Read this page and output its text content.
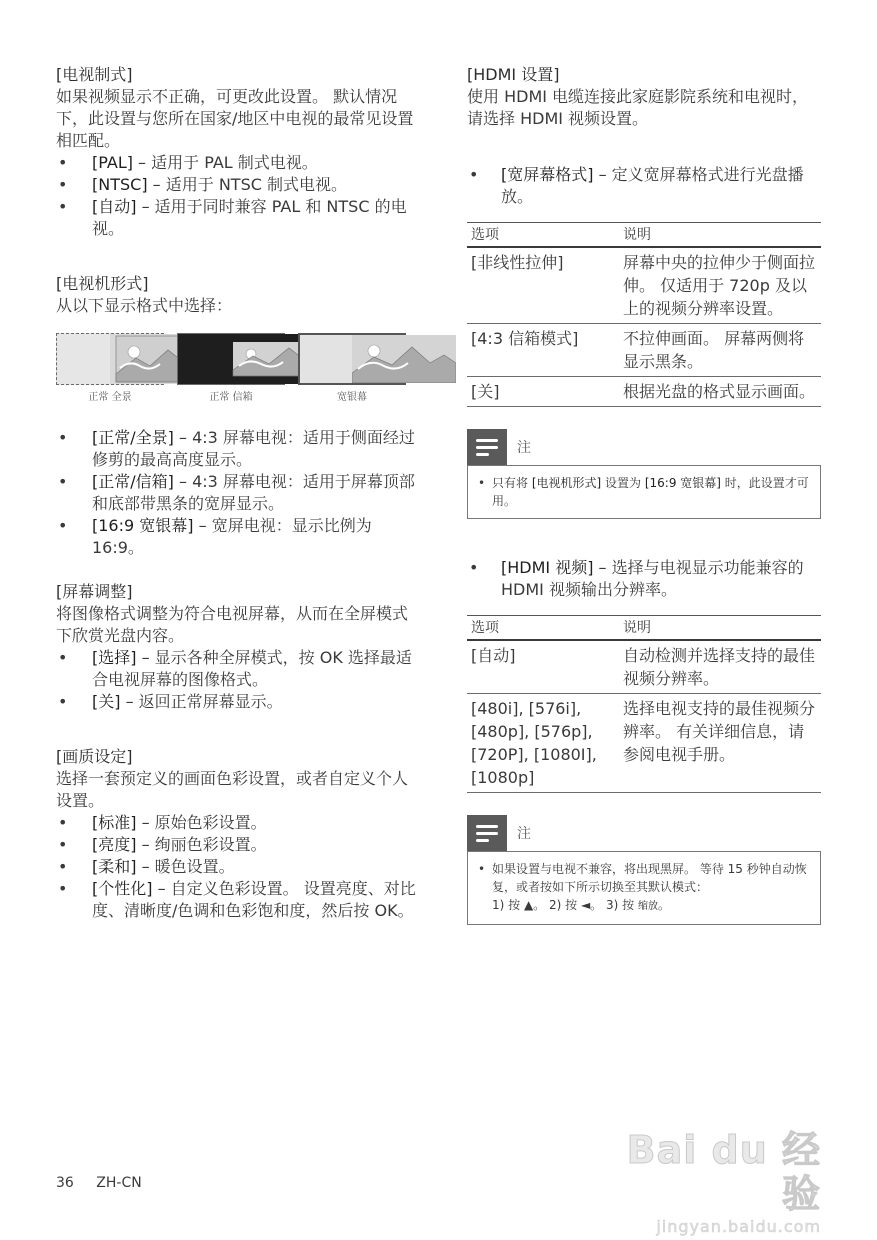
[电视制式]

如果视频显示不正确，可更改此设置。 默认情况下，此设置与您所在国家/地区中电视的最常见设置相匹配。

• [PAL] – 适用于 PAL 制式电视。
• [NTSC] – 适用于 NTSC 制式电视。
• [自动] – 适用于同时兼容 PAL 和 NTSC 的电视。

[电视机形式]

从以下显示格式中选择：

正常 全景	正常 信箱	宽银幕
• [正常/全景] – 4:3 屏幕电视：适用于侧面经过修剪的最高高度显示。
• [正常/信箱] – 4:3 屏幕电视：适用于屏幕顶部和底部带黑条的宽屏显示。
• [16:9 宽银幕] – 宽屏电视：显示比例为 16:9。

[屏幕调整]

将图像格式调整为符合电视屏幕，从而在全屏模式下欣赏光盘内容。

• [选择] – 显示各种全屏模式，按 OK 选择最适合电视屏幕的图像格式。
• [关] – 返回正常屏幕显示。

[画质设定]

选择一套预定义的画面色彩设置，或者自定义个人设置。

• [标准] – 原始色彩设置。
• [亮度] – 绚丽色彩设置。
• [柔和] – 暖色设置。
• [个性化] – 自定义色彩设置。 设置亮度、对比度、清晰度/色调和色彩饱和度，然后按 OK。

[HDMI 设置]

使用 HDMI 电缆连接此家庭影院系统和电视时，请选择 HDMI 视频设置。

• [宽屏幕格式] – 定义宽屏幕格式进行光盘播放。
选项	说明
[非线性拉伸]	屏幕中央的拉伸少于侧面拉伸。 仅适用于 720p 及以上的视频分辨率设置。
[4:3 信箱模式]	不拉伸画面。 屏幕两侧将显示黑条。
[关]	根据光盘的格式显示画面。
注
• 只有将 [电视机形式] 设置为 [16:9 宽银幕] 时，此设置才可用。
• [HDMI 视频] – 选择与电视显示功能兼容的 HDMI 视频输出分辨率。
选项	说明
[自动]	自动检测并选择支持的最佳视频分辨率。
[480i], [576i], [480p], [576p], [720P], [1080I], [1080p]	选择电视支持的最佳视频分辨率。 有关详细信息，请参阅电视手册。
注
• 如果设置与电视不兼容，将出现黑屏。 等待 15 秒钟自动恢复，或者按如下所示切换至其默认模式：
1) 按 ▲。 2) 按 ◄。 3) 按 缩放。
36 ZH-CN
Bai du 经验
jingyan.baidu.com
